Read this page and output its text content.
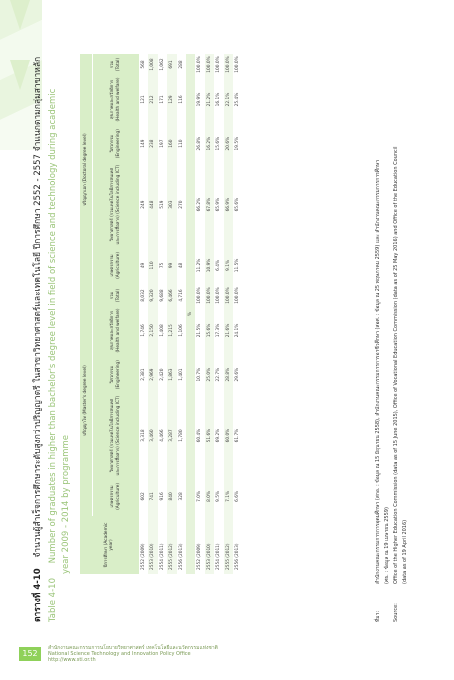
ตารางที่ 4-10 จำนวนผู้สำเร็จการศึกษาระดับสูงกว่าปริญญาตรี ในสาขาวิทยาศาสตร์และเทคโนโลยี ปีการศึกษา 2552 - 2557 จำแนกตามกลุ่มสาขาหลัก
Table 4-10 Number of graduates in higher than bachelor's degree level in field of science and technology during academic year 2009 - 2014 by programme	ปีการศึกษา (Academic year)	ปริญญาโท (Master's degree level)					ปริญญาเอก (Doctoral degree level)				
	เกษตรกรรม (Agriculture)	วิทยาศาสตร์ (รวมเทคโนโลยีสารสนเทศ และการสื่อสาร) (Science including ICT)	วิศวกรรม (Engineering)	สุขภาพและสวัสดิการ (Health and welfare)	รวม (Total)	เกษตรกรรม (Agriculture)	วิทยาศาสตร์ (รวมเทคโนโลยีสารสนเทศ และการสื่อสาร) (Science including ICT)	วิศวกรรม (Engineering)	สุขภาพและสวัสดิการ (Health and welfare)	รวม (Total)
2552 (2009)	602	3,318	2,381	1,746	8,032	49	249	149	121	568
2553 (2010)	741	3,460	2,969	2,150	9,320	110	448	238	212	1,008
2554 (2011)	916	4,466	2,420	1,408	9,688	75	519	197	171	1,062
2555 (2012)	840	3,287	1,863	1,215	6,466	99	303	160	129	691
2556 (2013)	328	1,780	1,401	1,106	4,716	48	270	110	116	288
%										
2552 (2009)	7.0%	60.4%	10.7%	21.5%	100.0%	11.2%	66.2%	26.8%	19.9%	100.0%
2553 (2010)	8.0%	51.6%	25.0%	15.6%	100.0%	10.9%	67.8%	16.2%	21.2%	100.0%
2554 (2011)	9.5%	69.2%	22.7%	17.3%	100.0%	6.4%	65.9%	15.6%	16.1%	100.0%
2555 (2012)	7.1%	60.0%	28.8%	21.6%	100.0%	9.1%	66.9%	20.6%	22.1%	100.0%
2556 (2013)	6.6%	61.7%	29.6%	24.1%	100.0%	11.5%	65.6%	19.5%	25.4%	100.0%
ที่มา:สำนักงานคณะกรรมการการอุดมศึกษา (สกอ. : ข้อมูล ณ 15 มิถุนายน 2558), สำนักงานคณะกรรมการการอาชีวศึกษา (สอศ. : ข้อมูล ณ 25 พฤษภาคม 2559) และ สำนักงานคณะกรรมการการศึกษา (ศธ. : ข้อมูล ณ 19 เมษายน 2559)
Source:Office of the Higher Education Commission (data as of 15 June 2015), Office of Vocational Education Commission (data as of 25 May 2016) and Office of the Education Council (data as of 19 April 2016)
152
สำนักงานคณะกรรมการนโยบายวิทยาศาสตร์ เทคโนโลยีและนวัตกรรมแห่งชาติ
National Science Technology and Innovation Policy Office
http://www.sti.or.th
